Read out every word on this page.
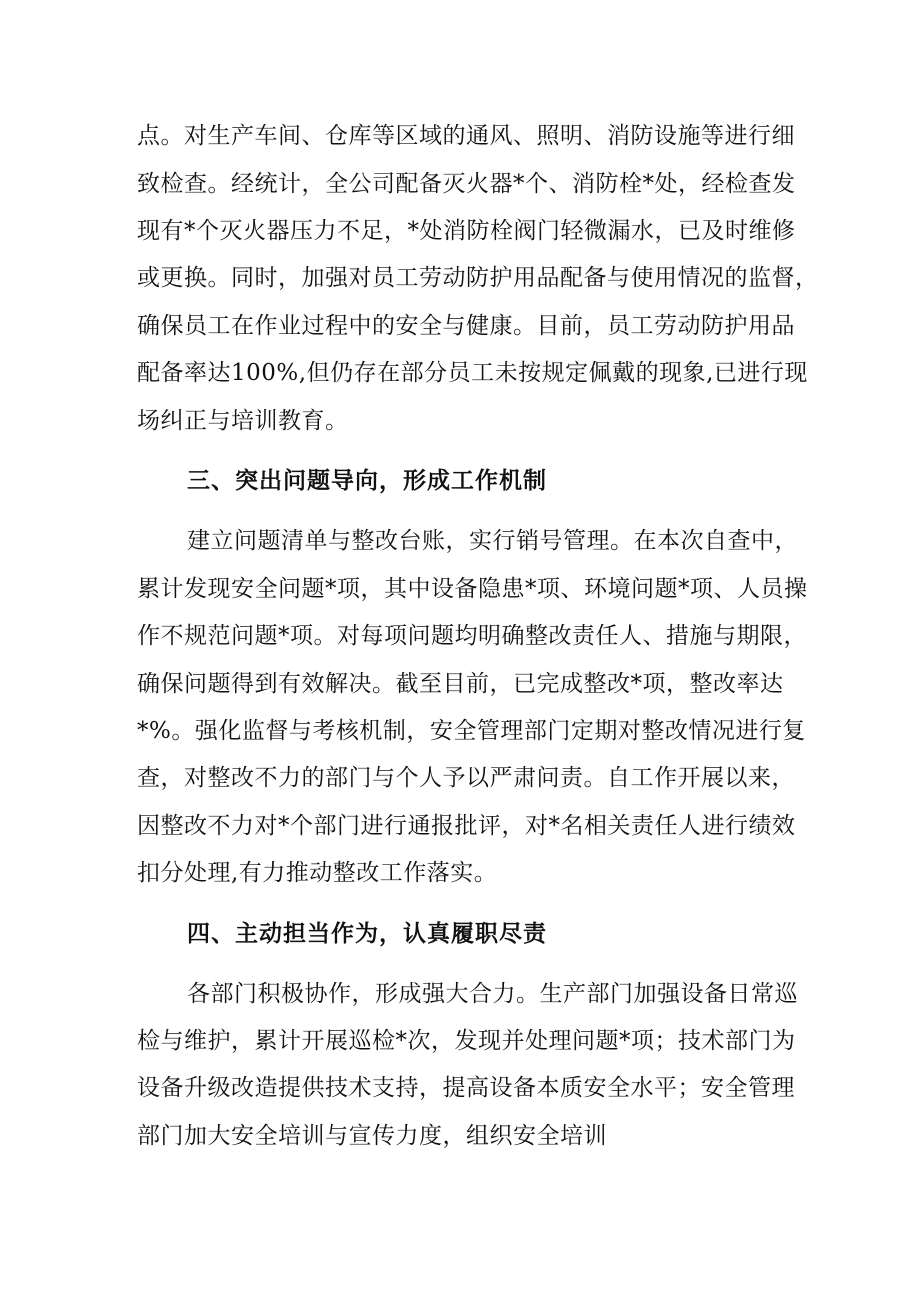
点。对生产车间、仓库等区域的通风、照明、消防设施等进行细
致检查。经统计，全公司配备灭火器*个、消防栓*处，经检查发
现有*个灭火器压力不足，*处消防栓阀门轻微漏水，已及时维修
或更换。同时，加强对员工劳动防护用品配备与使用情况的监督，
确保员工在作业过程中的安全与健康。目前，员工劳动防护用品
配备率达100%,但仍存在部分员工未按规定佩戴的现象,已进行现
场纠正与培训教育。
三、突出问题导向，形成工作机制
建立问题清单与整改台账，实行销号管理。在本次自查中，
累计发现安全问题*项，其中设备隐患*项、环境问题*项、人员操
作不规范问题*项。对每项问题均明确整改责任人、措施与期限，
确保问题得到有效解决。截至目前，已完成整改*项，整改率达
*%。强化监督与考核机制，安全管理部门定期对整改情况进行复
查，对整改不力的部门与个人予以严肃问责。自工作开展以来，
因整改不力对*个部门进行通报批评，对*名相关责任人进行绩效
扣分处理,有力推动整改工作落实。
四、主动担当作为，认真履职尽责
各部门积极协作，形成强大合力。生产部门加强设备日常巡
检与维护，累计开展巡检*次，发现并处理问题*项；技术部门为
设备升级改造提供技术支持，提高设备本质安全水平；安全管理
部门加大安全培训与宣传力度，组织安全培训
